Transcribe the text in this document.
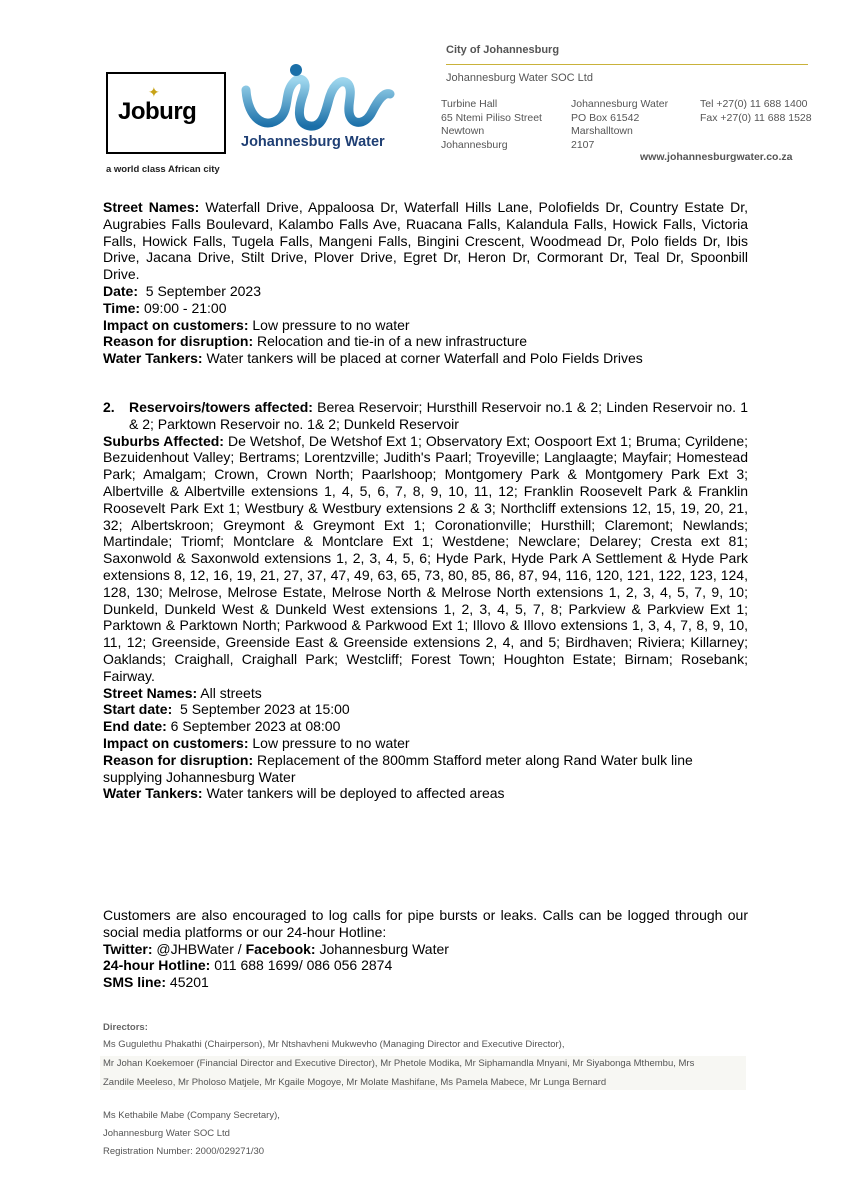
✦
Joburg
a world class African city
Johannesburg Water
City of Johannesburg
Johannesburg Water SOC Ltd
Turbine Hall
65 Ntemi Piliso Street
Newtown
Johannesburg
Johannesburg Water
PO Box 61542
Marshalltown
2107
Tel +27(0) 11 688 1400
Fax +27(0) 11 688 1528
www.johannesburgwater.co.za

Street Names: Waterfall Drive, Appaloosa Dr, Waterfall Hills Lane, Polofields Dr, Country Estate Dr, Augrabies Falls Boulevard, Kalambo Falls Ave, Ruacana Falls, Kalandula Falls, Howick Falls, Victoria Falls, Howick Falls, Tugela Falls, Mangeni Falls, Bingini Crescent, Woodmead Dr, Polo fields Dr, Ibis Drive, Jacana Drive, Stilt Drive, Plover Drive, Egret Dr, Heron Dr, Cormorant Dr, Teal Dr, Spoonbill Drive.

Date:  5 September 2023

Time: 09:00 - 21:00

Impact on customers: Low pressure to no water

Reason for disruption: Relocation and tie-in of a new infrastructure

Water Tankers: Water tankers will be placed at corner Waterfall and Polo Fields Drives

2.	Reservoirs/towers affected: Berea Reservoir; Hursthill Reservoir no.1 & 2; Linden Reservoir no. 1 & 2; Parktown Reservoir no. 1& 2; Dunkeld Reservoir

Suburbs Affected: De Wetshof, De Wetshof Ext 1; Observatory Ext; Oospoort Ext 1; Bruma; Cyrildene; Bezuidenhout Valley; Bertrams; Lorentzville; Judith's Paarl; Troyeville; Langlaagte; Mayfair; Homestead Park; Amalgam; Crown, Crown North; Paarlshoop; Montgomery Park & Montgomery Park Ext 3; Albertville & Albertville extensions 1, 4, 5, 6, 7, 8, 9, 10, 11, 12; Franklin Roosevelt Park & Franklin Roosevelt Park Ext 1; Westbury & Westbury extensions 2 & 3; Northcliff extensions 12, 15, 19, 20, 21, 32; Albertskroon; Greymont & Greymont Ext 1; Coronationville; Hursthill; Claremont; Newlands; Martindale; Triomf; Montclare & Montclare Ext 1; Westdene; Newclare; Delarey; Cresta ext 81; Saxonwold & Saxonwold extensions 1, 2, 3, 4, 5, 6; Hyde Park, Hyde Park A Settlement & Hyde Park extensions 8, 12, 16, 19, 21, 27, 37, 47, 49, 63, 65, 73, 80, 85, 86, 87, 94, 116, 120, 121, 122, 123, 124, 128, 130; Melrose, Melrose Estate, Melrose North & Melrose North extensions 1, 2, 3, 4, 5, 7, 9, 10; Dunkeld, Dunkeld West & Dunkeld West extensions 1, 2, 3, 4, 5, 7, 8; Parkview & Parkview Ext 1; Parktown & Parktown North; Parkwood & Parkwood Ext 1; Illovo & Illovo extensions 1, 3, 4, 7, 8, 9, 10, 11, 12; Greenside, Greenside East & Greenside extensions 2, 4, and 5; Birdhaven; Riviera; Killarney; Oaklands; Craighall, Craighall Park; Westcliff; Forest Town; Houghton Estate; Birnam; Rosebank; Fairway.

Street Names: All streets

Start date:  5 September 2023 at 15:00

End date: 6 September 2023 at 08:00

Impact on customers: Low pressure to no water

Reason for disruption: Replacement of the 800mm Stafford meter along Rand Water bulk line supplying Johannesburg Water

Water Tankers: Water tankers will be deployed to affected areas

Customers are also encouraged to log calls for pipe bursts or leaks. Calls can be logged through our social media platforms or our 24-hour Hotline:

Twitter: @JHBWater / Facebook: Johannesburg Water

24-hour Hotline: 011 688 1699/ 086 056 2874

SMS line: 45201

Directors:
Ms Gugulethu Phakathi (Chairperson), Mr Ntshavheni Mukwevho (Managing Director and Executive Director),
Mr Johan Koekemoer (Financial Director and Executive Director), Mr Phetole Modika, Mr Siphamandla Mnyani, Mr Siyabonga Mthembu, Mrs
Zandile Meeleso, Mr Pholoso Matjele, Mr Kgaile Mogoye, Mr Molate Mashifane, Ms Pamela Mabece, Mr Lunga Bernard
Ms Kethabile Mabe (Company Secretary),
Johannesburg Water SOC Ltd
Registration Number: 2000/029271/30
